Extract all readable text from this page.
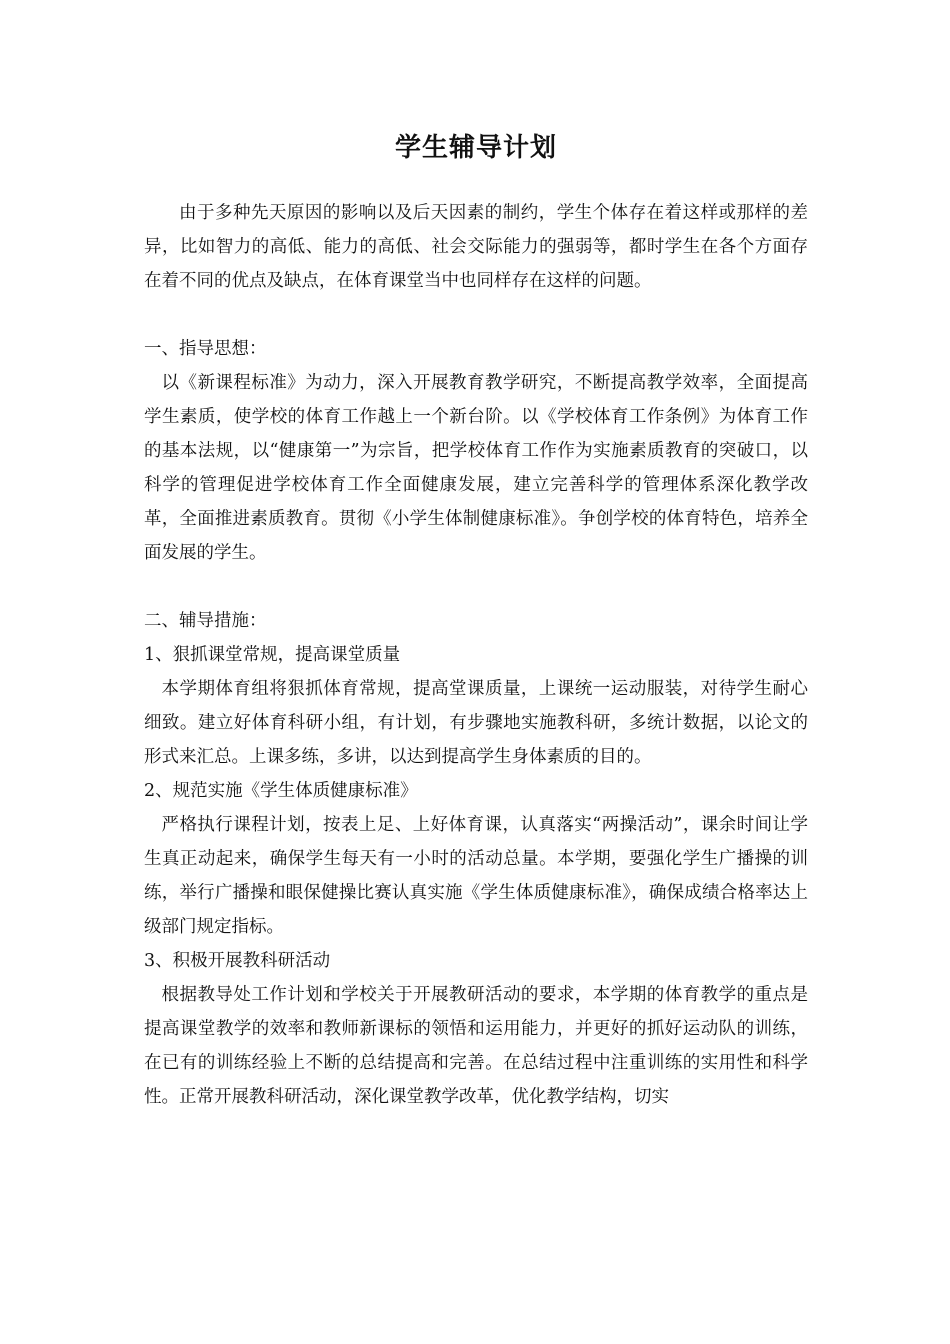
学生辅导计划

由于多种先天原因的影响以及后天因素的制约，学生个体存在着这样或那样的差异，比如智力的高低、能力的高低、社会交际能力的强弱等，都时学生在各个方面存在着不同的优点及缺点，在体育课堂当中也同样存在这样的问题。

一、指导思想：

以《新课程标准》为动力，深入开展教育教学研究，不断提高教学效率，全面提高学生素质，使学校的体育工作越上一个新台阶。以《学校体育工作条例》为体育工作的基本法规，以“健康第一”为宗旨，把学校体育工作作为实施素质教育的突破口，以科学的管理促进学校体育工作全面健康发展，建立完善科学的管理体系深化教学改革，全面推进素质教育。贯彻《小学生体制健康标准》。争创学校的体育特色，培养全面发展的学生。

二、辅导措施：

1、狠抓课堂常规，提高课堂质量

本学期体育组将狠抓体育常规，提高堂课质量，上课统一运动服装，对待学生耐心细致。建立好体育科研小组，有计划，有步骤地实施教科研，多统计数据，以论文的形式来汇总。上课多练，多讲，以达到提高学生身体素质的目的。

2、规范实施《学生体质健康标准》

严格执行课程计划，按表上足、上好体育课，认真落实“两操活动”，课余时间让学生真正动起来，确保学生每天有一小时的活动总量。本学期，要强化学生广播操的训练，举行广播操和眼保健操比赛认真实施《学生体质健康标准》，确保成绩合格率达上级部门规定指标。

3、积极开展教科研活动

根据教导处工作计划和学校关于开展教研活动的要求，本学期的体育教学的重点是提高课堂教学的效率和教师新课标的领悟和运用能力，并更好的抓好运动队的训练，在已有的训练经验上不断的总结提高和完善。在总结过程中注重训练的实用性和科学性。正常开展教科研活动，深化课堂教学改革，优化教学结构，切实
